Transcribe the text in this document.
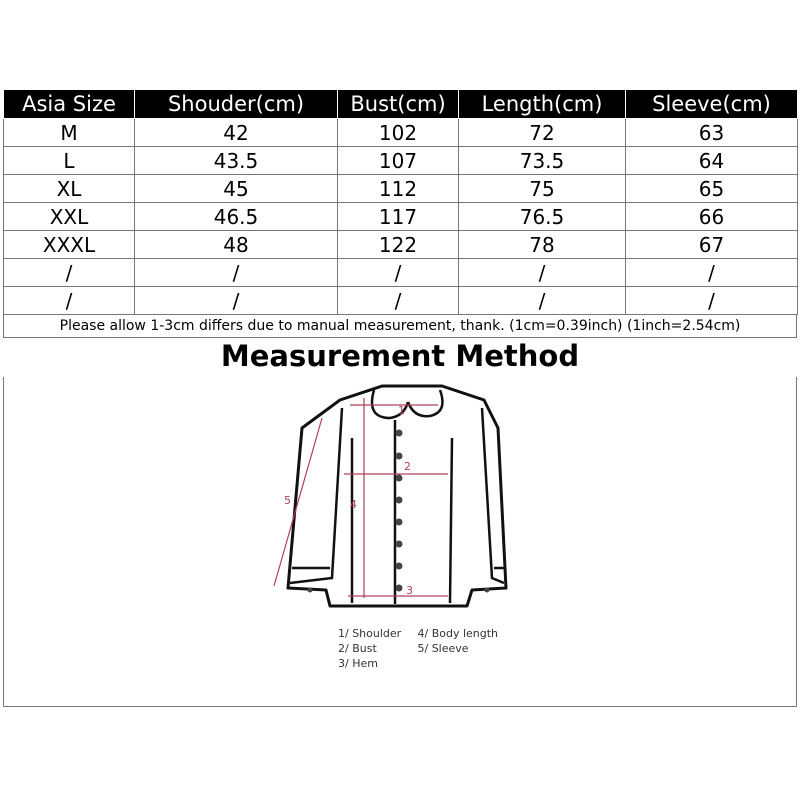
Asia Size	Shouder(cm)	Bust(cm)	Length(cm)	Sleeve(cm)
M	42	102	72	63
L	43.5	107	73.5	64
XL	45	112	75	65
XXL	46.5	117	76.5	66
XXXL	48	122	78	67
/	/	/	/	/
/	/	/	/	/
Please allow 1-3cm differs due to manual measurement, thank. (1cm=0.39inch) (1inch=2.54cm)
Measurement Method
1
2
3
4
5
1/ Shoulder
2/ Bust
3/ Hem

4/ Body length
5/ Sleeve
